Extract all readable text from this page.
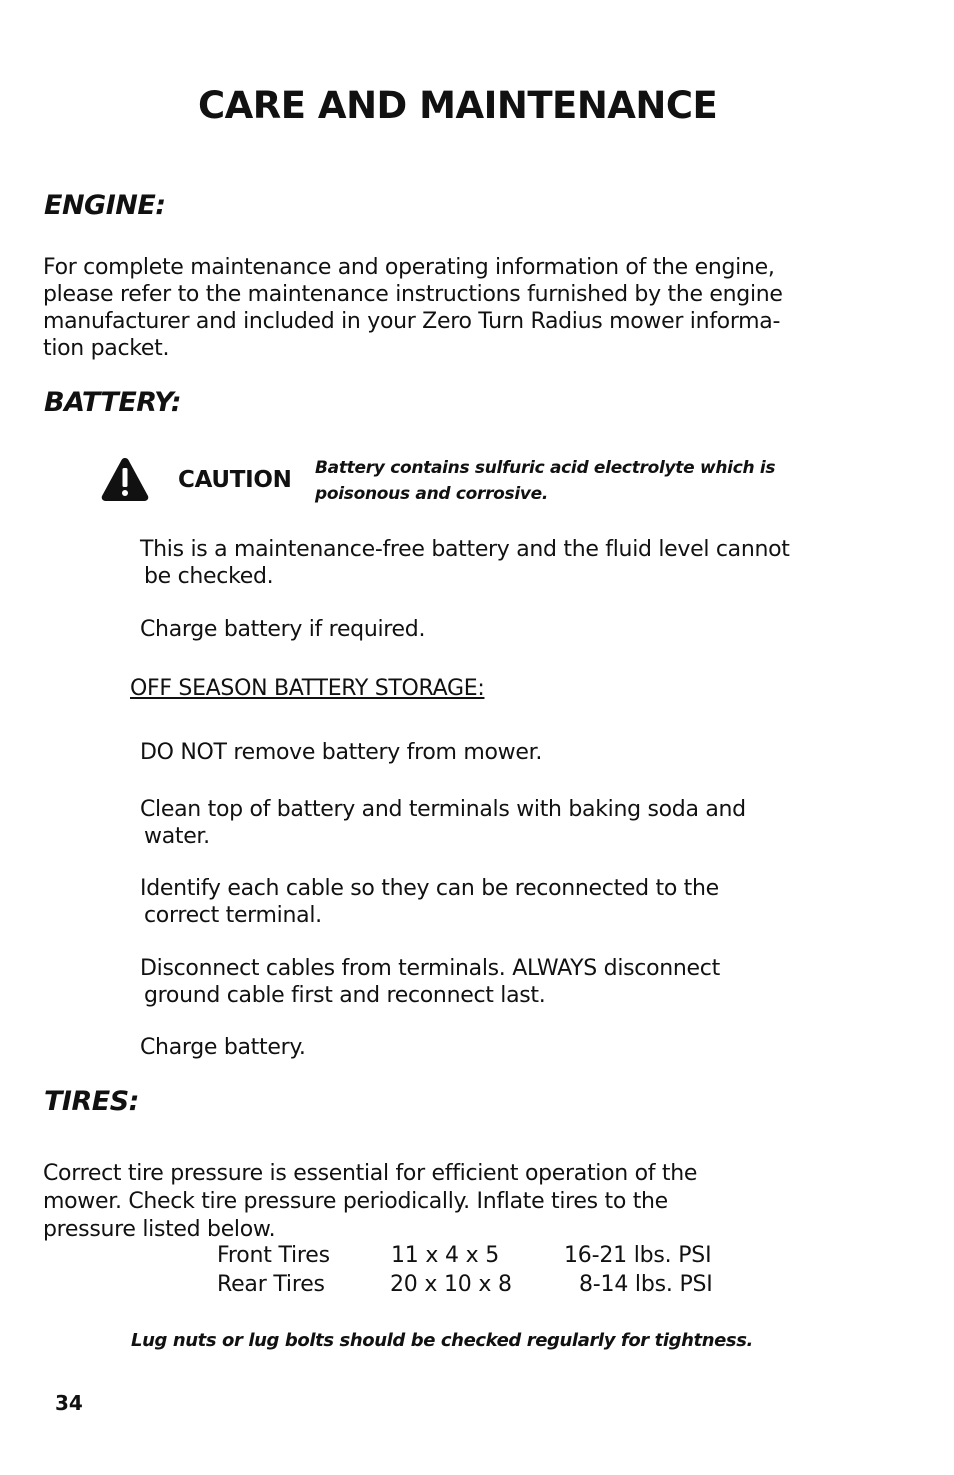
CARE AND MAINTENANCE
ENGINE:
For complete maintenance and operating information of the engine,
please refer to the maintenance instructions furnished by the engine
manufacturer and included in your Zero Turn Radius mower informa-
tion packet.
BATTERY:
CAUTION Battery contains sulfuric acid electrolyte which is
poisonous and corrosive.
This is a maintenance-free battery and the fluid level cannot
be checked.
Charge battery if required.
OFF SEASON BATTERY STORAGE:
DO NOT remove battery from mower.
Clean top of battery and terminals with baking soda and
water.
Identify each cable so they can be reconnected to the
correct terminal.
Disconnect cables from terminals. ALWAYS disconnect
ground cable first and reconnect last.
Charge battery.
TIRES:
Correct tire pressure is essential for efficient operation of the
mower. Check tire pressure periodically. Inflate tires to the
pressure listed below.
Front Tires	11 x 4 x 5	16-21 lbs. PSI
Rear Tires	20 x 10 x 8	8-14 lbs. PSI
Lug nuts or lug bolts should be checked regularly for tightness.
34
